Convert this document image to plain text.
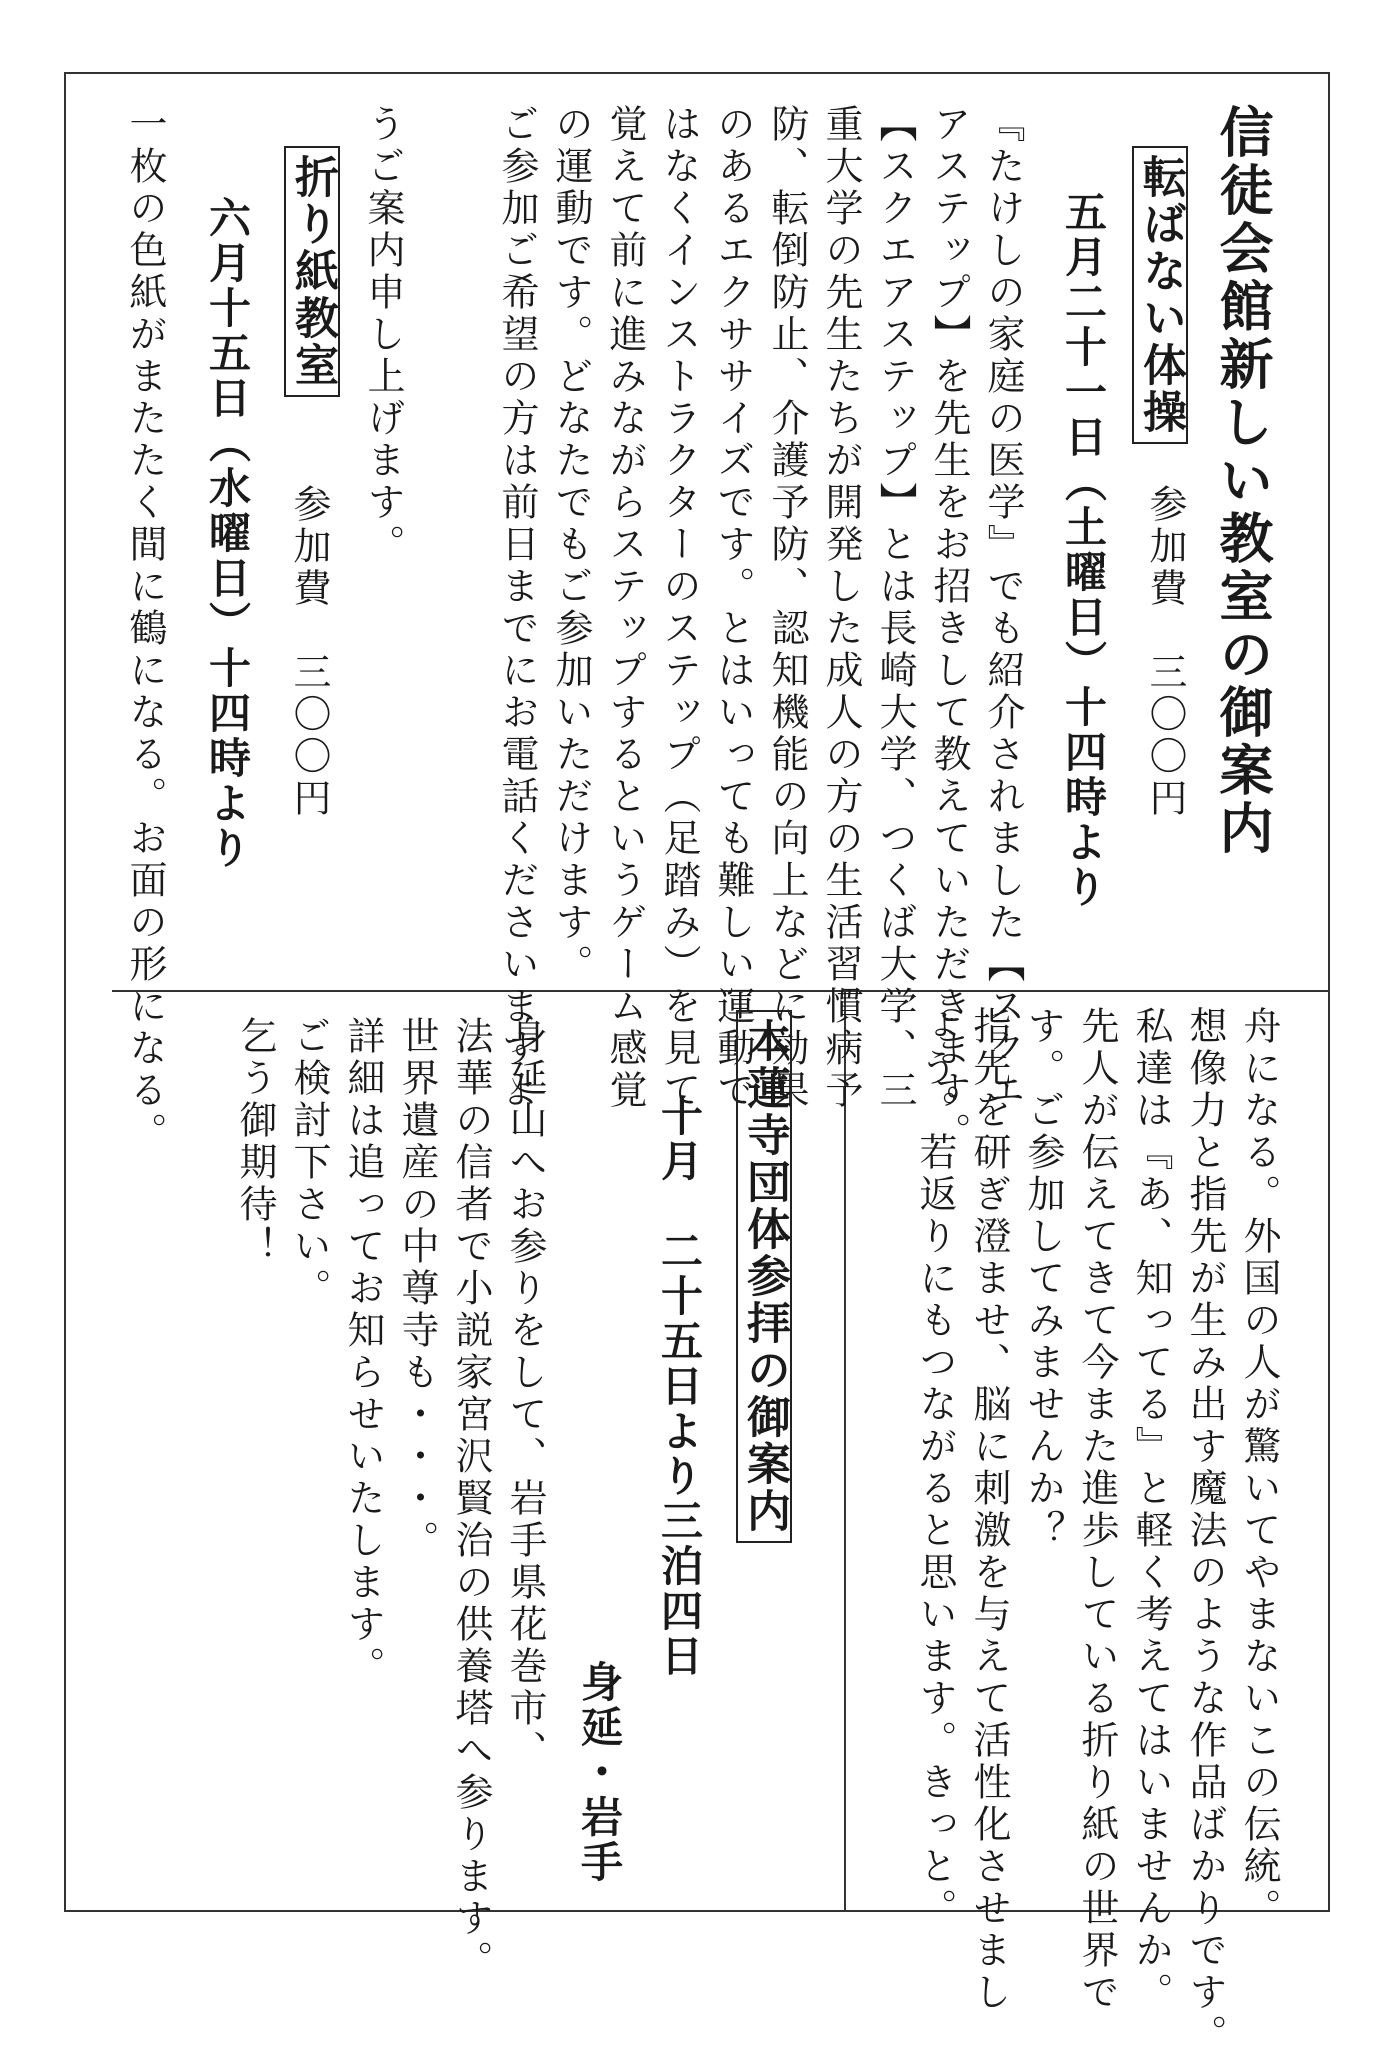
信徒会館新しい教室の御案内
転ばない体操
参加費　三〇〇円
五月二十一日（土曜日）十四時より
『たけしの家庭の医学』でも紹介されました【スクエ
アステップ】を先生をお招きして教えていただきます。
【スクエアステップ】とは長崎大学、つくば大学、三
重大学の先生たちが開発した成人の方の生活習慣病予
防、転倒防止、介護予防、認知機能の向上などに効果
のあるエクササイズです。とはいっても難しい運動で
はなくインストラクターのステップ（足踏み）を見て
覚えて前に進みながらステップするというゲーム感覚
の運動です。どなたでもご参加いただけます。
ご参加ご希望の方は前日までにお電話くださいますよ
うご案内申し上げます。
参加費　三〇〇円
折り紙教室
六月十五日（水曜日）十四時より
一枚の色紙がまたたく間に鶴になる。お面の形になる。
舟になる。外国の人が驚いてやまないこの伝統。
想像力と指先が生み出す魔法のような作品ばかりです。
私達は『あ、知ってる』と軽く考えてはいませんか。
先人が伝えてきて今また進歩している折り紙の世界で
す。ご参加してみませんか？
指先を研ぎ澄ませ、脳に刺激を与えて活性化させまし
ょう。若返りにもつながると思います。きっと。
本蓮寺団体参拝の御案内
十月　二十五日より三泊四日
身延・岩手
身延山へお参りをして、岩手県花巻市、
法華の信者で小説家宮沢賢治の供養塔へ参ります。
世界遺産の中尊寺も・・・。
詳細は追ってお知らせいたします。
ご検討下さい。
乞う御期待！
